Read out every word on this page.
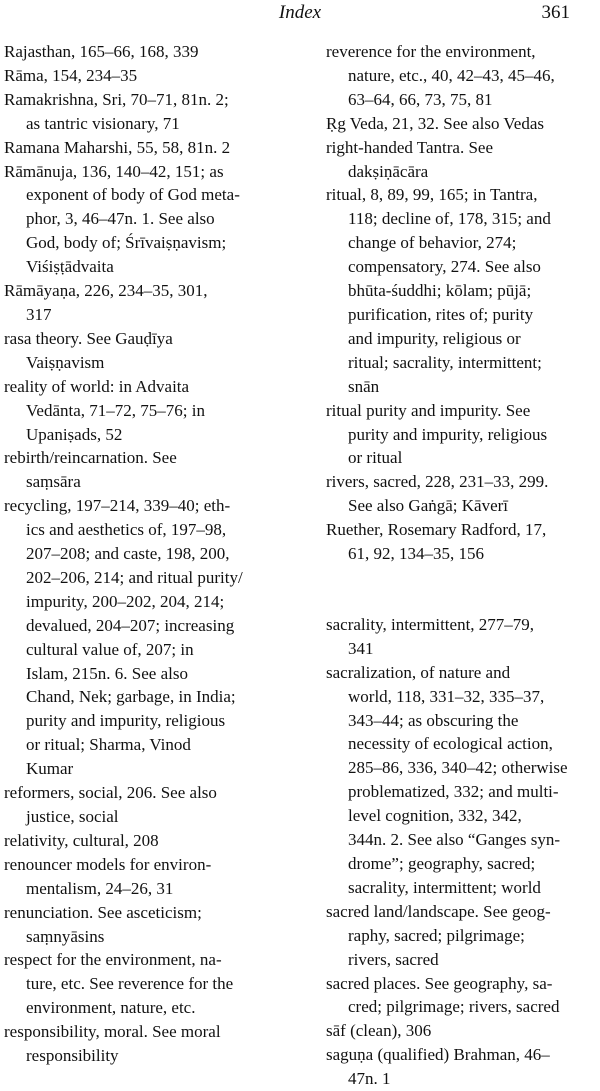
Index	361
Rajasthan, 165–66, 168, 339
Rāma, 154, 234–35
Ramakrishna, Sri, 70–71, 81n. 2;
as tantric visionary, 71
Ramana Maharshi, 55, 58, 81n. 2
Rāmānuja, 136, 140–42, 151; as
exponent of body of God meta-
phor, 3, 46–47n. 1. See also
God, body of; Śrīvaiṣṇavism;
Viśiṣṭādvaita
Rāmāyaṇa, 226, 234–35, 301,
317
rasa theory. See Gauḍīya
Vaiṣṇavism
reality of world: in Advaita
Vedānta, 71–72, 75–76; in
Upaniṣads, 52
rebirth/reincarnation. See
saṃsāra
recycling, 197–214, 339–40; eth-
ics and aesthetics of, 197–98,
207–208; and caste, 198, 200,
202–206, 214; and ritual purity/
impurity, 200–202, 204, 214;
devalued, 204–207; increasing
cultural value of, 207; in
Islam, 215n. 6. See also
Chand, Nek; garbage, in India;
purity and impurity, religious
or ritual; Sharma, Vinod
Kumar
reformers, social, 206. See also
justice, social
relativity, cultural, 208
renouncer models for environ-
mentalism, 24–26, 31
renunciation. See asceticism;
saṃnyāsins
respect for the environment, na-
ture, etc. See reverence for the
environment, nature, etc.
responsibility, moral. See moral
responsibility
reverence for the environment,
nature, etc., 40, 42–43, 45–46,
63–64, 66, 73, 75, 81
Ṛg Veda, 21, 32. See also Vedas
right-handed Tantra. See
dakṣiṇācāra
ritual, 8, 89, 99, 165; in Tantra,
118; decline of, 178, 315; and
change of behavior, 274;
compensatory, 274. See also
bhūta-śuddhi; kōlam; pūjā;
purification, rites of; purity
and impurity, religious or
ritual; sacrality, intermittent;
snān
ritual purity and impurity. See
purity and impurity, religious
or ritual
rivers, sacred, 228, 231–33, 299.
See also Gaṅgā; Kāverī
Ruether, Rosemary Radford, 17,
61, 92, 134–35, 156
sacrality, intermittent, 277–79,
341
sacralization, of nature and
world, 118, 331–32, 335–37,
343–44; as obscuring the
necessity of ecological action,
285–86, 336, 340–42; otherwise
problematized, 332; and multi-
level cognition, 332, 342,
344n. 2. See also “Ganges syn-
drome”; geography, sacred;
sacrality, intermittent; world
sacred land/landscape. See geog-
raphy, sacred; pilgrimage;
rivers, sacred
sacred places. See geography, sa-
cred; pilgrimage; rivers, sacred
sāf (clean), 306
saguṇa (qualified) Brahman, 46–
47n. 1
